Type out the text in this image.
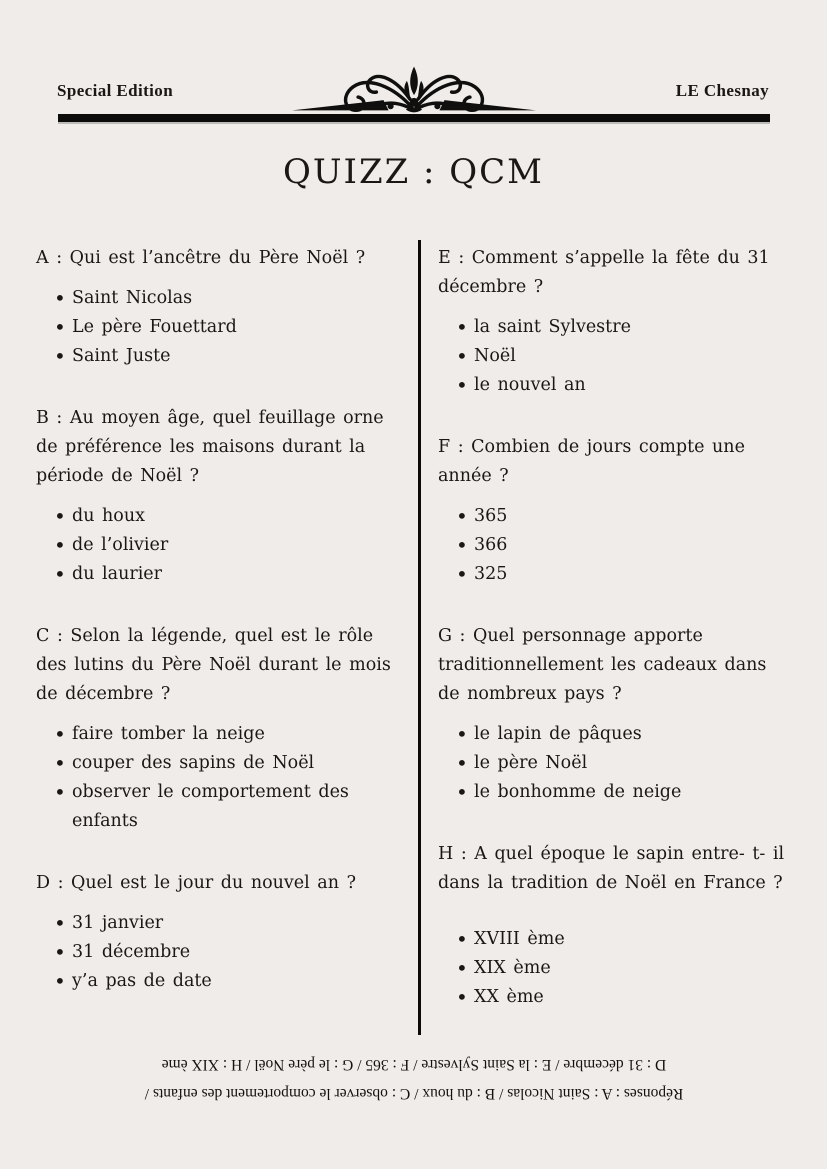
Special Edition	LE Chesnay
QUIZZ : QCM
A : Qui est l’ancêtre du Père Noël ?
• Saint Nicolas
• Le père Fouettard
• Saint Juste
B : Au moyen âge, quel feuillage orne de préférence les maisons durant la période de Noël ?
• du houx
• de l’olivier
• du laurier
C : Selon la légende, quel est le rôle des lutins du Père Noël durant le mois de décembre ?
• faire tomber la neige
• couper des sapins de Noël
• observer le comportement des enfants
D : Quel est le jour du nouvel an ?
• 31 janvier
• 31 décembre
• y’a pas de date
E : Comment s’appelle la fête du 31 décembre ?
• la saint Sylvestre
• Noël
• le nouvel an
F : Combien de jours compte une année ?
• 365
• 366
• 325
G : Quel personnage apporte traditionnellement les cadeaux dans de nombreux pays ?
• le lapin de pâques
• le père Noël
• le bonhomme de neige
H : A quel époque le sapin entre- t- il dans la tradition de Noël en France ?
• XVIII ème
• XIX ème
• XX ème
Réponses : A : Saint Nicolas / B : du houx / C : observer le comportement des enfants /
D : 31 décembre / E : la Saint Sylvestre / F : 365 / G : le père Noël / H : XIX ème
